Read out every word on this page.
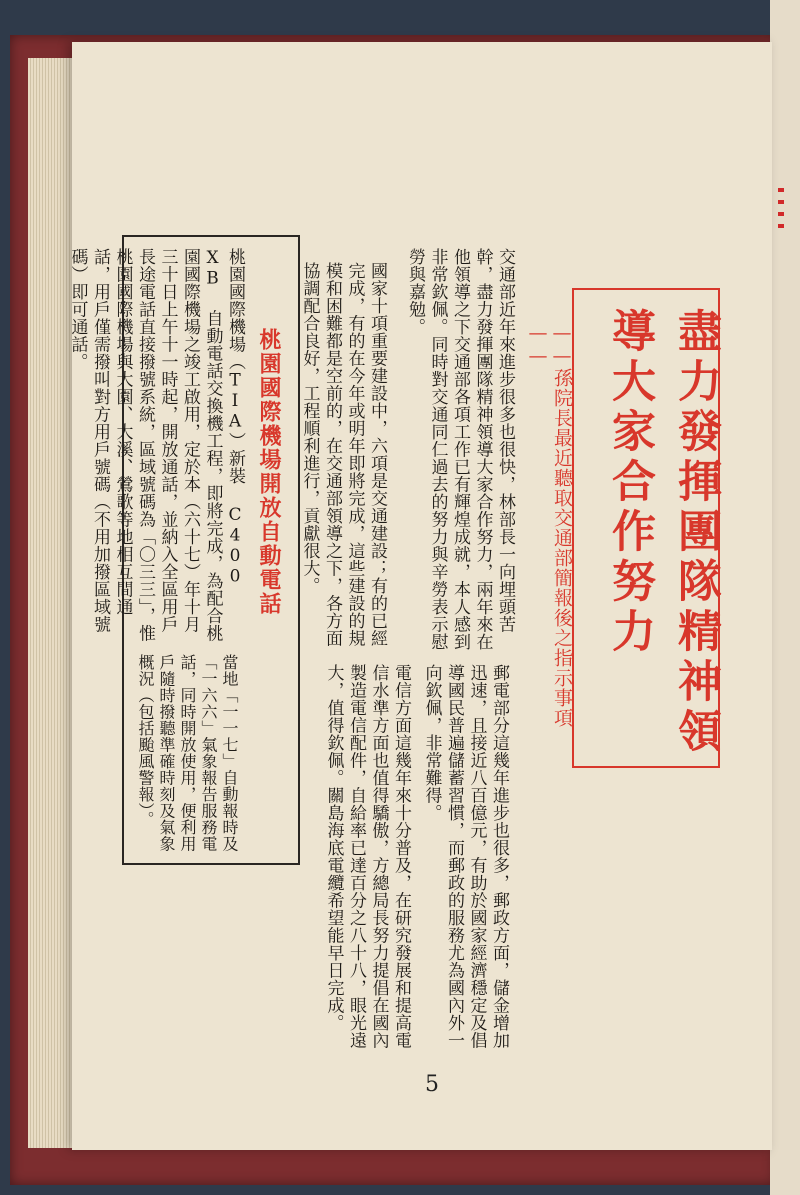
盡力發揮團隊精神領導大家合作努力

——孫院長最近聽取交通部簡報後之指示事項——

交通部近年來進步很多也很快，林部長一向埋頭苦幹，盡力發揮團隊精神領導大家合作努力，兩年來在他領導之下交通部各項工作已有輝煌成就，本人感到非常欽佩。同時對交通同仁過去的努力與辛勞表示慰勞與嘉勉。

國家十項重要建設中，六項是交通建設；有的已經完成，有的在今年或明年即將完成，這些建設的規模和困難都是空前的，在交通部領導之下，各方面協調配合良好，工程順利進行，貢獻很大。

郵電部分這幾年進步也很多，郵政方面，儲金增加迅速，且接近八百億元，有助於國家經濟穩定及倡導國民普遍儲蓄習慣，而郵政的服務尤為國內外一向欽佩，非常難得。

電信方面這幾年來十分普及，在研究發展和提高電信水準方面也值得驕傲，方總局長努力提倡在國內製造電信配件，自給率已達百分之八十八，眼光遠大，值得欽佩。關島海底電纜希望能早日完成。

桃園國際機場開放自動電話

桃園國際機場（TIA）新裝 C400 XB 自動電話交換機工程，即將完成，為配合桃園國際機場之竣工啟用，定於本（六十七）年十月三十日上午十一時起，開放通話，並納入全區用戶長途電話直接撥號系統，區域號碼為「〇三三」，惟桃園國際機場與大園、大溪、鶯歌等地相互間通話，用戶僅需撥叫對方用戶號碼（不用加撥區域號碼）即可通話。

當地「一一七」自動報時及「一六六」氣象報告服務電話，同時開放使用，便利用戶隨時撥聽準確時刻及氣象概況（包括颱風警報）。

5
